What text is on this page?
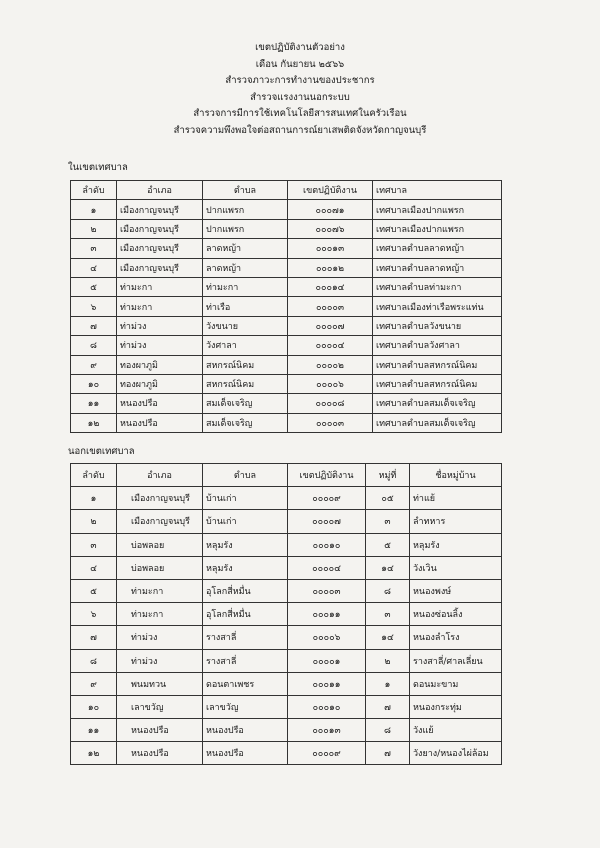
เขตปฏิบัติงานตัวอย่าง
เดือน กันยายน ๒๕๖๖
สำรวจภาวะการทำงานของประชากร
สำรวจแรงงานนอกระบบ
สำรวจการมีการใช้เทคโนโลยีสารสนเทศในครัวเรือน
สำรวจความพึงพอใจต่อสถานการณ์ยาเสพติดจังหวัดกาญจนบุรี
ในเขตเทศบาล
ลำดับ	อำเภอ	ตำบล	เขตปฏิบัติงาน	เทศบาล
๑	เมืองกาญจนบุรี	ปากแพรก	๐๐๐๗๑	เทศบาลเมืองปากแพรก
๒	เมืองกาญจนบุรี	ปากแพรก	๐๐๐๗๖	เทศบาลเมืองปากแพรก
๓	เมืองกาญจนบุรี	ลาดหญ้า	๐๐๐๑๓	เทศบาลตำบลลาดหญ้า
๔	เมืองกาญจนบุรี	ลาดหญ้า	๐๐๐๑๒	เทศบาลตำบลลาดหญ้า
๕	ท่ามะกา	ท่ามะกา	๐๐๐๑๔	เทศบาลตำบลท่ามะกา
๖	ท่ามะกา	ท่าเรือ	๐๐๐๐๓	เทศบาลเมืองท่าเรือพระแท่น
๗	ท่าม่วง	วังขนาย	๐๐๐๐๗	เทศบาลตำบลวังขนาย
๘	ท่าม่วง	วังศาลา	๐๐๐๐๔	เทศบาลตำบลวังศาลา
๙	ทองผาภูมิ	สหกรณ์นิคม	๐๐๐๐๒	เทศบาลตำบลสหกรณ์นิคม
๑๐	ทองผาภูมิ	สหกรณ์นิคม	๐๐๐๐๖	เทศบาลตำบลสหกรณ์นิคม
๑๑	หนองปรือ	สมเด็จเจริญ	๐๐๐๐๘	เทศบาลตำบลสมเด็จเจริญ
๑๒	หนองปรือ	สมเด็จเจริญ	๐๐๐๐๓	เทศบาลตำบลสมเด็จเจริญ
นอกเขตเทศบาล
ลำดับ	อำเภอ	ตำบล	เขตปฏิบัติงาน	หมู่ที่	ชื่อหมู่บ้าน
๑	เมืองกาญจนบุรี	บ้านเก่า	๐๐๐๐๙	๐๕	ท่าแย้
๒	เมืองกาญจนบุรี	บ้านเก่า	๐๐๐๐๗	๓	ลำทหาร
๓	บ่อพลอย	หลุมรัง	๐๐๐๑๐	๕	หลุมรัง
๔	บ่อพลอย	หลุมรัง	๐๐๐๐๔	๑๔	วังเวิน
๕	ท่ามะกา	อุโลกสี่หมื่น	๐๐๐๐๓	๘	หนองพงษ์
๖	ท่ามะกา	อุโลกสี่หมื่น	๐๐๐๑๑	๓	หนองซ่อนลิ้ง
๗	ท่าม่วง	รางสาลี่	๐๐๐๐๖	๑๔	หนองลำโรง
๘	ท่าม่วง	รางสาลี่	๐๐๐๐๑	๒	รางสาลี่/ศาลเลี่ยน
๙	พนมทวน	ดอนตาเพชร	๐๐๐๑๑	๑	ดอนมะขาม
๑๐	เลาขวัญ	เลาขวัญ	๐๐๐๑๐	๗	หนองกระทุ่ม
๑๑	หนองปรือ	หนองปรือ	๐๐๐๑๓	๘	วังแย้
๑๒	หนองปรือ	หนองปรือ	๐๐๐๐๙	๗	วังยาง/หนองไผ่ล้อม
